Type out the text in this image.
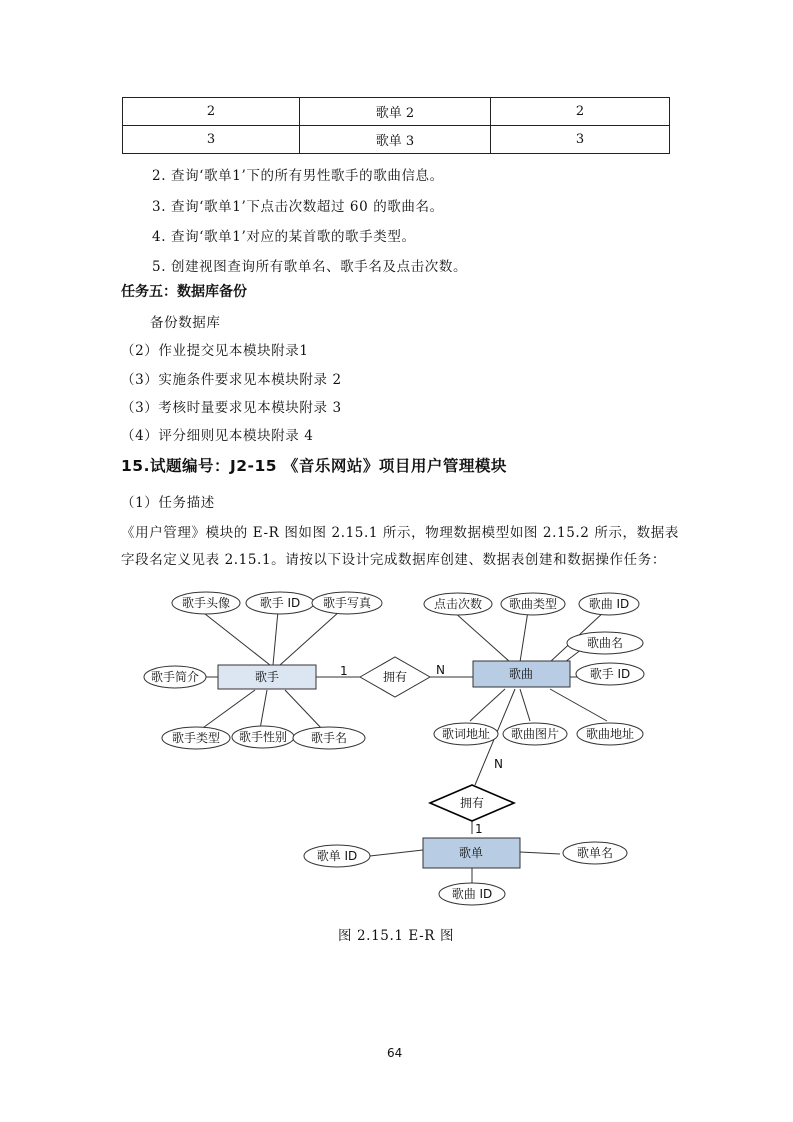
2	歌单 2	2
3	歌单 3	3
2. 查询‘歌单1’下的所有男性歌手的歌曲信息。
3. 查询‘歌单1’下点击次数超过 60 的歌曲名。
4. 查询‘歌单1’对应的某首歌的歌手类型。
5. 创建视图查询所有歌单名、歌手名及点击次数。
任务五：数据库备份
备份数据库
（2）作业提交见本模块附录1
（3）实施条件要求见本模块附录 2
（3）考核时量要求见本模块附录 3
（4）评分细则见本模块附录 4
15.试题编号：J2-15 《音乐网站》项目用户管理模块
（1）任务描述
《用户管理》模块的 E-R 图如图 2.15.1 所示，物理数据模型如图 2.15.2 所示，数据表
字段名定义见表 2.15.1。请按以下设计完成数据库创建、数据表创建和数据操作任务：
歌手头像 歌手 ID 歌手写真
歌手简介
歌手类型 歌手性别 歌手名
点击次数 歌曲类型	歌曲 ID
歌曲名
歌手 ID
歌词地址 歌曲图片 歌曲地址
歌单 ID	歌单名
歌曲 ID
歌手	歌曲
歌单
拥有
拥有
1	N
N
1
图 2.15.1 E-R 图
64
